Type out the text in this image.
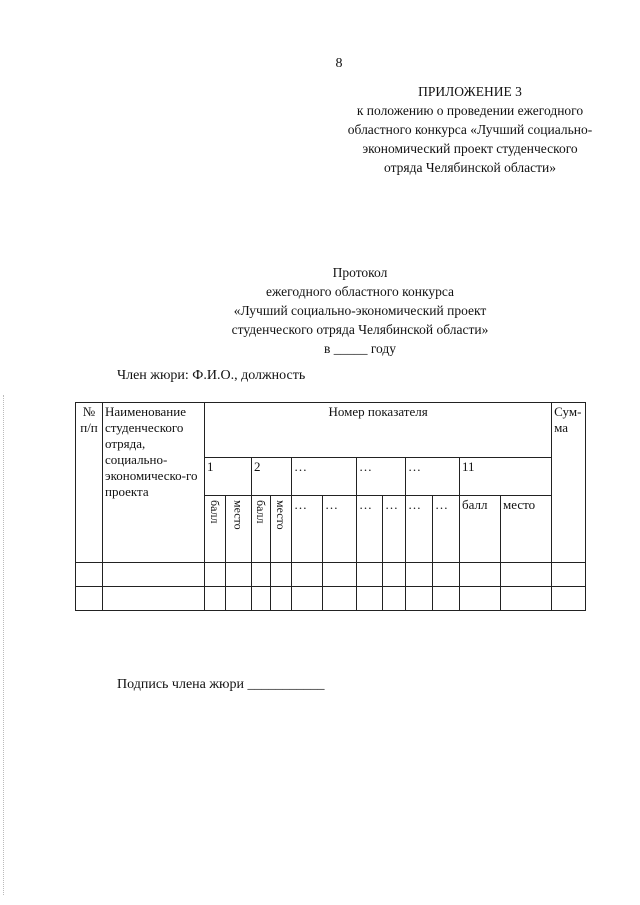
8
ПРИЛОЖЕНИЕ 3
к положению о проведении ежегодного
областного конкурса «Лучший социально-
экономический проект студенческого
отряда Челябинской области»
Протокол
ежегодного областного конкурса
«Лучший социально-экономический проект
студенческого отряда Челябинской области»
в _____ году
Член жюри: Ф.И.О., должность
№ п/п	Наименование студенческого отряда, социально-экономическо-го проекта	Номер показателя												Сум-ма
		1		2		…		…		…		11		

		балл	место	балл	место	…	…	…	…	…	…	балл	место	

Подпись члена жюри ___________
